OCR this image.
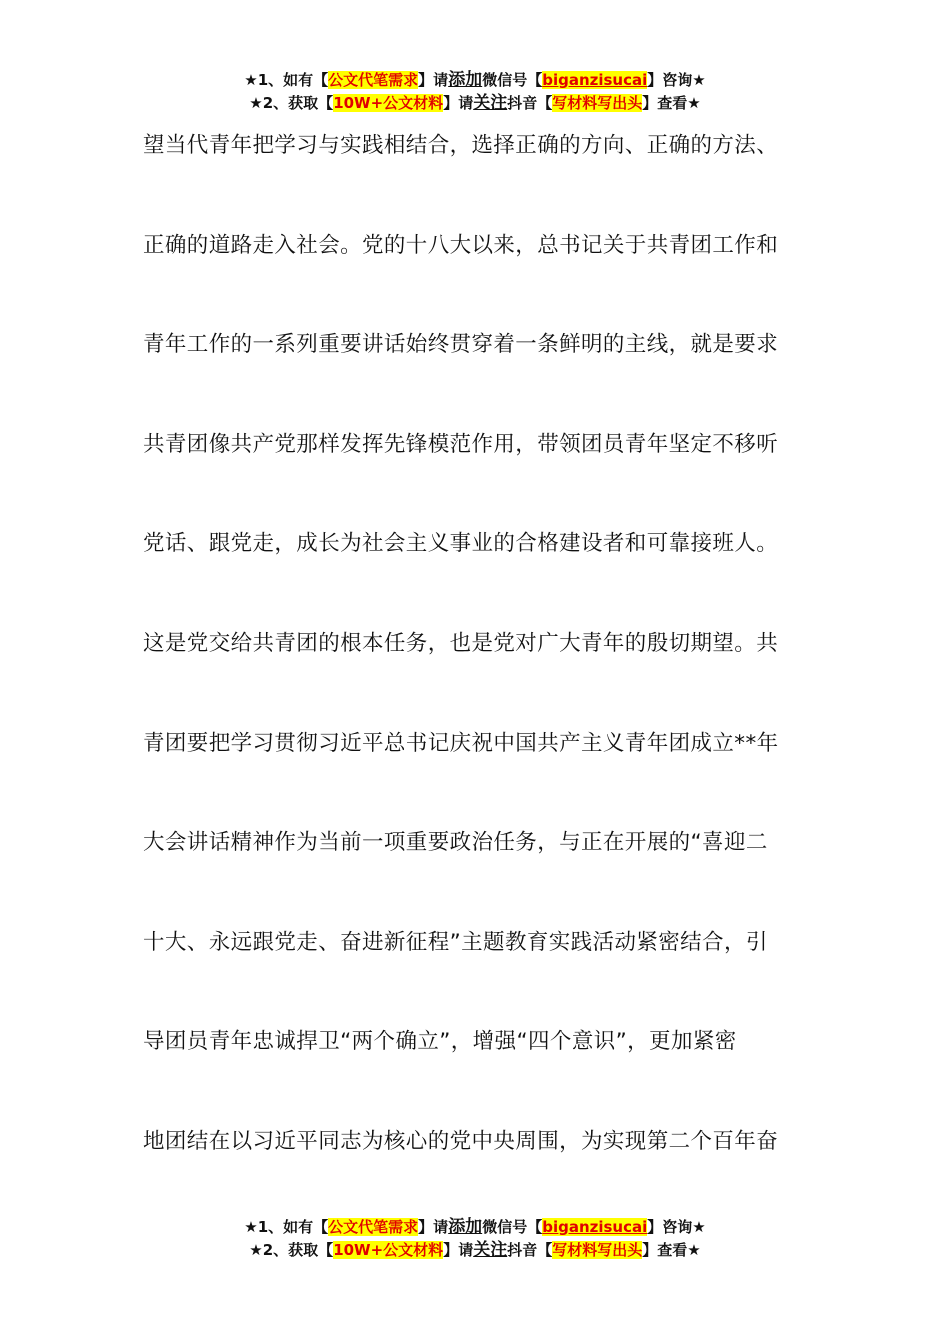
★1、如有【公文代笔需求】请添加微信号【biganzisucai】咨询★
★2、获取【10W+公文材料】请关注抖音【写材料写出头】查看★
望当代青年把学习与实践相结合，选择正确的方向、正确的方法、
正确的道路走入社会。党的十八大以来，总书记关于共青团工作和
青年工作的一系列重要讲话始终贯穿着一条鲜明的主线，就是要求
共青团像共产党那样发挥先锋模范作用，带领团员青年坚定不移听
党话、跟党走，成长为社会主义事业的合格建设者和可靠接班人。
这是党交给共青团的根本任务，也是党对广大青年的殷切期望。共
青团要把学习贯彻习近平总书记庆祝中国共产主义青年团成立**年
大会讲话精神作为当前一项重要政治任务，与正在开展的“喜迎二
十大、永远跟党走、奋进新征程”主题教育实践活动紧密结合，引
导团员青年忠诚捍卫“两个确立”，增强“四个意识”，更加紧密
地团结在以习近平同志为核心的党中央周围，为实现第二个百年奋
★1、如有【公文代笔需求】请添加微信号【biganzisucai】咨询★
★2、获取【10W+公文材料】请关注抖音【写材料写出头】查看★
